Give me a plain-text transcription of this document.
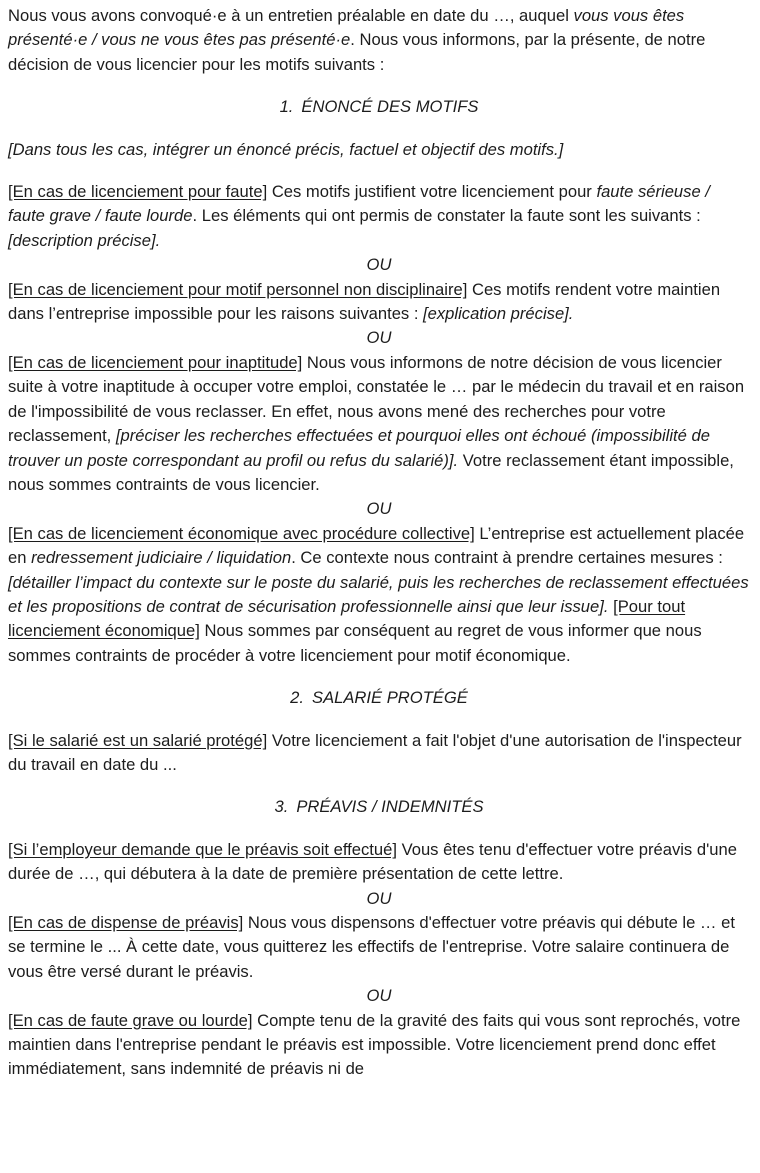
Nous vous avons convoqué·e à un entretien préalable en date du …, auquel vous vous êtes présenté·e / vous ne vous êtes pas présenté·e. Nous vous informons, par la présente, de notre décision de vous licencier pour les motifs suivants :

1. ÉNONCÉ DES MOTIFS

[Dans tous les cas, intégrer un énoncé précis, factuel et objectif des motifs.]

[En cas de licenciement pour faute] Ces motifs justifient votre licenciement pour faute sérieuse / faute grave / faute lourde. Les éléments qui ont permis de constater la faute sont les suivants : [description précise].

OU

[En cas de licenciement pour motif personnel non disciplinaire] Ces motifs rendent votre maintien dans l’entreprise impossible pour les raisons suivantes : [explication précise].

OU

[En cas de licenciement pour inaptitude] Nous vous informons de notre décision de vous licencier suite à votre inaptitude à occuper votre emploi, constatée le … par le médecin du travail et en raison de l'impossibilité de vous reclasser. En effet, nous avons mené des recherches pour votre reclassement, [préciser les recherches effectuées et pourquoi elles ont échoué (impossibilité de trouver un poste correspondant au profil ou refus du salarié)]. Votre reclassement étant impossible, nous sommes contraints de vous licencier.

OU

[En cas de licenciement économique avec procédure collective] L’entreprise est actuellement placée en redressement judiciaire / liquidation. Ce contexte nous contraint à prendre certaines mesures : [détailler l’impact du contexte sur le poste du salarié, puis les recherches de reclassement effectuées et les propositions de contrat de sécurisation professionnelle ainsi que leur issue]. [Pour tout licenciement économique] Nous sommes par conséquent au regret de vous informer que nous sommes contraints de procéder à votre licenciement pour motif économique.

2. SALARIÉ PROTÉGÉ

[Si le salarié est un salarié protégé] Votre licenciement a fait l'objet d'une autorisation de l'inspecteur du travail en date du ...

3. PRÉAVIS / INDEMNITÉS

[Si l’employeur demande que le préavis soit effectué] Vous êtes tenu d'effectuer votre préavis d'une durée de …, qui débutera à la date de première présentation de cette lettre.

OU

[En cas de dispense de préavis] Nous vous dispensons d'effectuer votre préavis qui débute le … et se termine le ... À cette date, vous quitterez les effectifs de l'entreprise. Votre salaire continuera de vous être versé durant le préavis.

OU

[En cas de faute grave ou lourde] Compte tenu de la gravité des faits qui vous sont reprochés, votre maintien dans l'entreprise pendant le préavis est impossible. Votre licenciement prend donc effet immédiatement, sans indemnité de préavis ni de
